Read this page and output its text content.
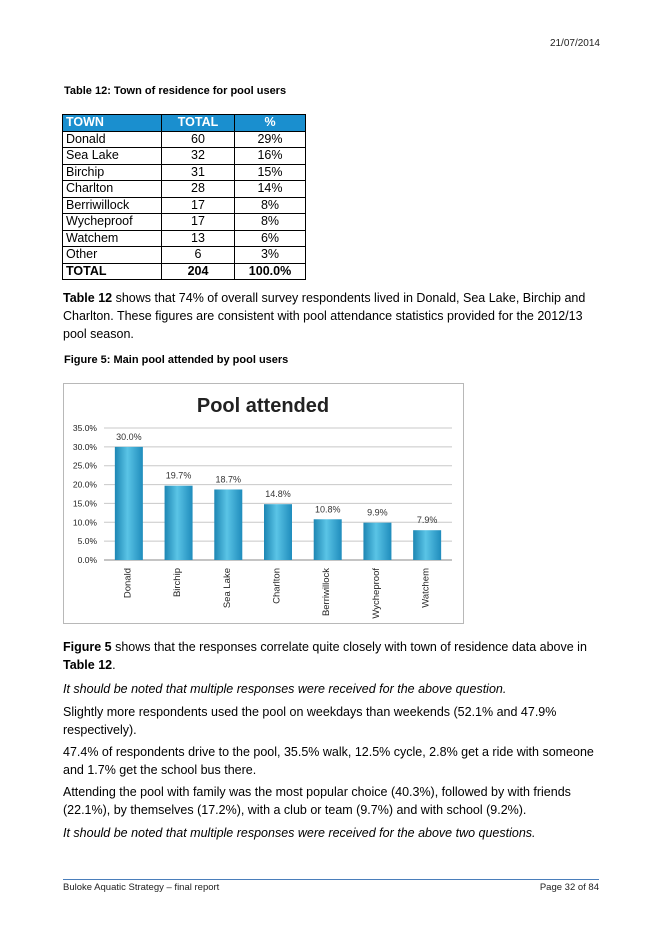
21/07/2014
Table 12: Town of residence for pool users
TOWN	TOTAL	%
Donald	60	29%
Sea Lake	32	16%
Birchip	31	15%
Charlton	28	14%
Berriwillock	17	8%
Wycheproof	17	8%
Watchem	13	6%
Other	6	3%
TOTAL	204	100.0%
Table 12 shows that 74% of overall survey respondents lived in Donald, Sea Lake, Birchip and Charlton. These figures are consistent with pool attendance statistics provided for the 2012/13 pool season.
Figure 5: Main pool attended by pool users
Pool attended
0.0%
5.0%
10.0%
15.0%
20.0%
25.0%
30.0%
35.0%
30.0%
Donald
19.7%
Birchip
18.7%
Sea Lake
14.8%
Charlton
10.8%
Berriwillock
9.9%
Wycheproof
7.9%
Watchem
Figure 5 shows that the responses correlate quite closely with town of residence data above in Table 12.
It should be noted that multiple responses were received for the above question.
Slightly more respondents used the pool on weekdays than weekends (52.1% and 47.9% respectively).
47.4% of respondents drive to the pool, 35.5% walk, 12.5% cycle, 2.8% get a ride with someone and 1.7% get the school bus there.
Attending the pool with family was the most popular choice (40.3%), followed by with friends (22.1%), by themselves (17.2%), with a club or team (9.7%) and with school (9.2%).
It should be noted that multiple responses were received for the above two questions.
Buloke Aquatic Strategy – final report	Page 32 of 84
